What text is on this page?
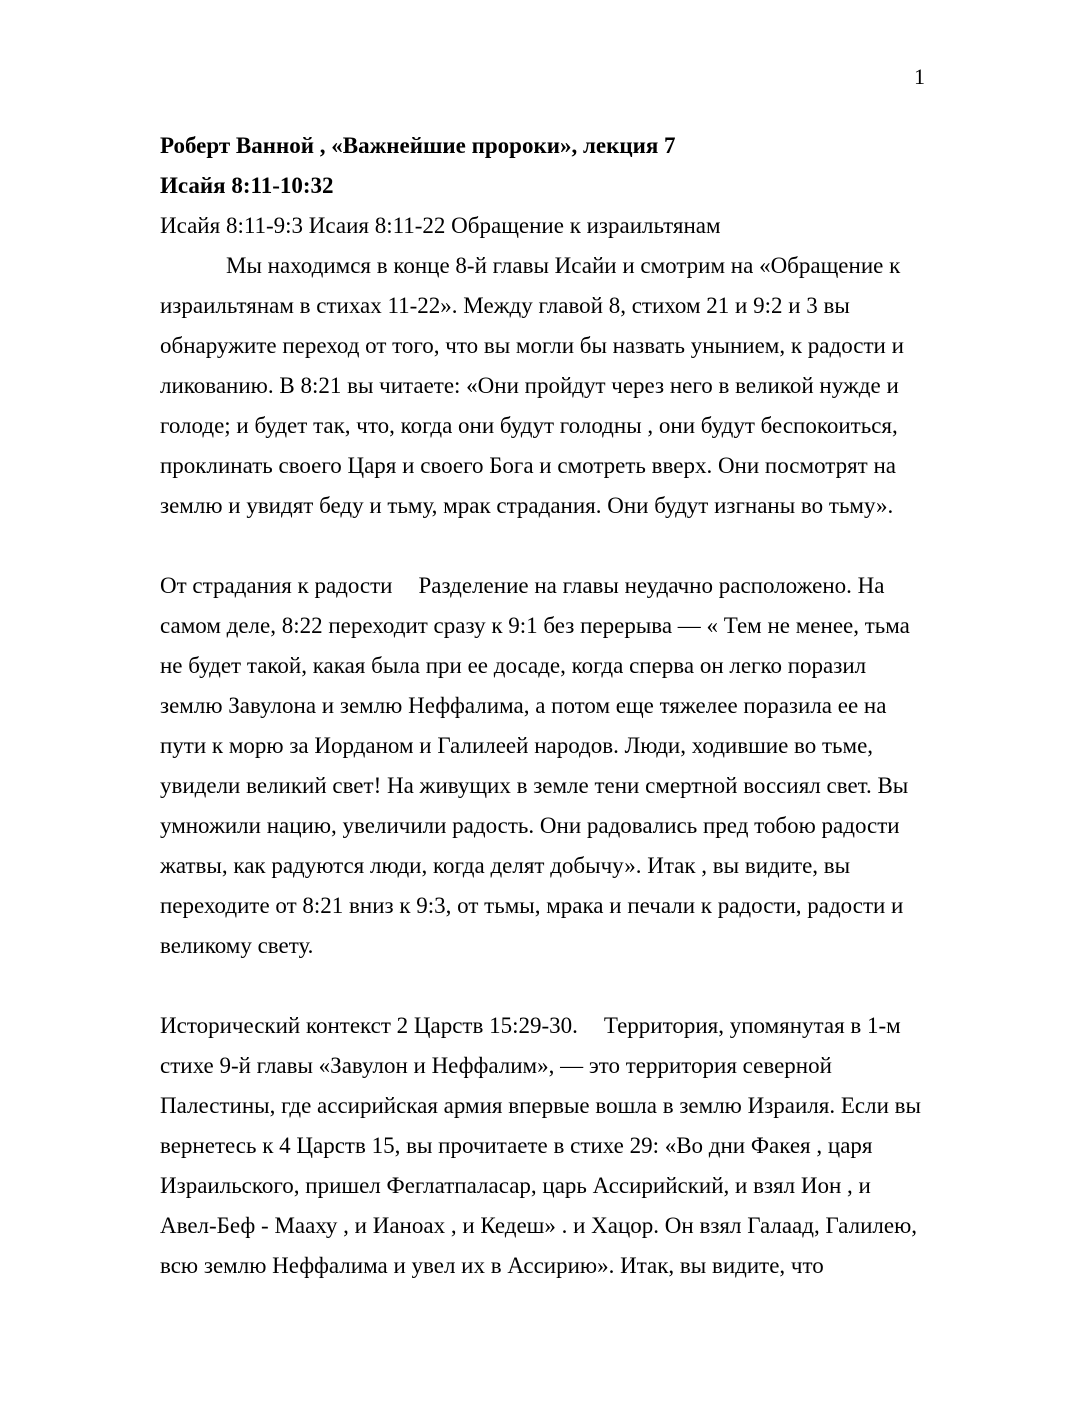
1
Роберт Ванной , «Важнейшие пророки», лекция 7
Исайя 8:11-10:32
Исайя 8:11-9:3 Исаия 8:11-22 Обращение к израильтянам
Мы находимся в конце 8-й главы Исайи и смотрим на «Обращение к
израильтянам в стихах 11-22». Между главой 8, стихом 21 и 9:2 и 3 вы
обнаружите переход от того, что вы могли бы назвать унынием, к радости и
ликованию. В 8:21 вы читаете: «Они пройдут через него в великой нужде и
голоде; и будет так, что, когда они будут голодны , они будут беспокоиться,
проклинать своего Царя и своего Бога и смотреть вверх. Они посмотрят на
землю и увидят беду и тьму, мрак страдания. Они будут изгнаны во тьму».
От страдания к радости Разделение на главы неудачно расположено. На
самом деле, 8:22 переходит сразу к 9:1 без перерыва — « Тем не менее, тьма
не будет такой, какая была при ее досаде, когда сперва он легко поразил
землю Завулона и землю Неффалима, а потом еще тяжелее поразила ее на
пути к морю за Иорданом и Галилеей народов. Люди, ходившие во тьме,
увидели великий свет! На живущих в земле тени смертной воссиял свет. Вы
умножили нацию, увеличили радость. Они радовались пред тобою радости
жатвы, как радуются люди, когда делят добычу». Итак , вы видите, вы
переходите от 8:21 вниз к 9:3, от тьмы, мрака и печали к радости, радости и
великому свету.
Исторический контекст 2 Царств 15:29-30. Территория, упомянутая в 1-м
стихе 9-й главы «Завулон и Неффалим», — это территория северной
Палестины, где ассирийская армия впервые вошла в землю Израиля. Если вы
вернетесь к 4 Царств 15, вы прочитаете в стихе 29: «Во дни Факея , царя
Израильского, пришел Феглатпаласар, царь Ассирийский, и взял Ион , и
Авел-Беф - Мааху , и Ианоах , и Кедеш» . и Хацор. Он взял Галаад, Галилею,
всю землю Неффалима и увел их в Ассирию». Итак, вы видите, что
